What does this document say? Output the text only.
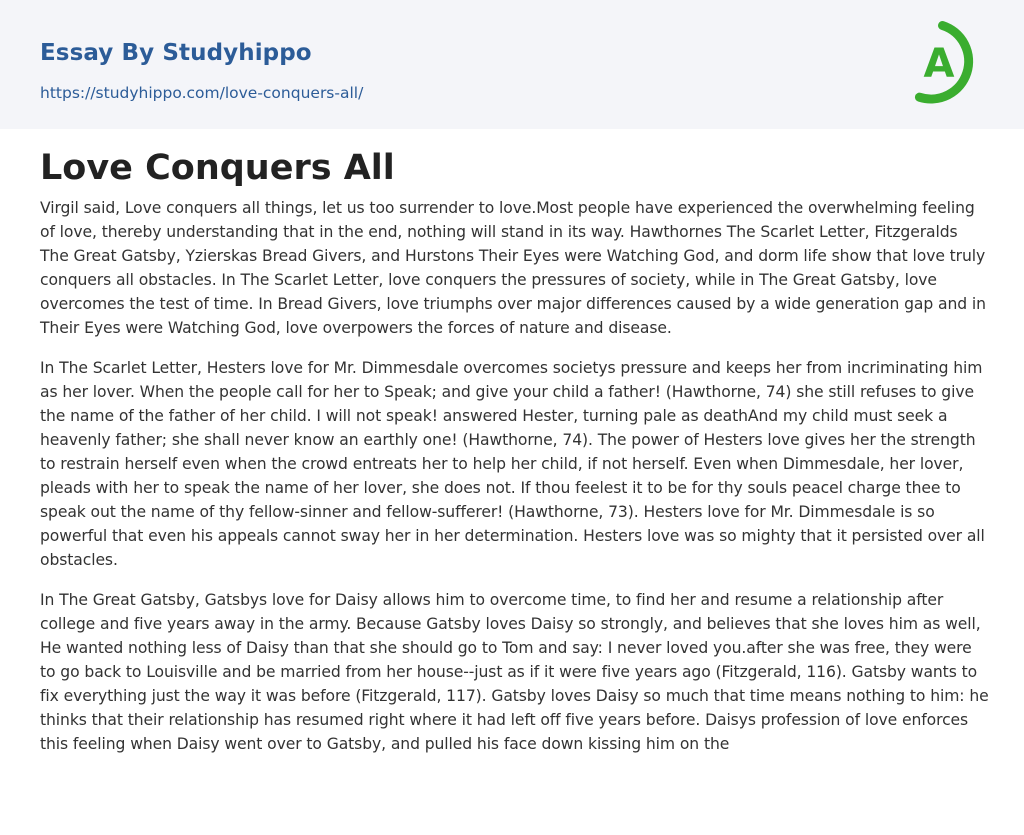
Essay By Studyhippo
https://studyhippo.com/love-conquers-all/
A
Love Conquers All

Virgil said, Love conquers all things, let us too surrender to love.Most people have experienced the overwhelming feeling of love, thereby understanding that in the end, nothing will stand in its way. Hawthornes The Scarlet Letter, Fitzgeralds The Great Gatsby, Yzierskas Bread Givers, and Hurstons Their Eyes were Watching God, and dorm life show that love truly conquers all obstacles. In The Scarlet Letter, love conquers the pressures of society, while in The Great Gatsby, love overcomes the test of time. In Bread Givers, love triumphs over major differences caused by a wide generation gap and in Their Eyes were Watching God, love overpowers the forces of nature and disease.

In The Scarlet Letter, Hesters love for Mr. Dimmesdale overcomes societys pressure and keeps her from incriminating him as her lover. When the people call for her to Speak; and give your child a father! (Hawthorne, 74) she still refuses to give the name of the father of her child. I will not speak! answered Hester, turning pale as deathAnd my child must seek a heavenly father; she shall never know an earthly one! (Hawthorne, 74). The power of Hesters love gives her the strength to restrain herself even when the crowd entreats her to help her child, if not herself. Even when Dimmesdale, her lover, pleads with her to speak the name of her lover, she does not. If thou feelest it to be for thy souls peacel charge thee to speak out the name of thy fellow-sinner and fellow-sufferer! (Hawthorne, 73). Hesters love for Mr. Dimmesdale is so powerful that even his appeals cannot sway her in her determination. Hesters love was so mighty that it persisted over all obstacles.

In The Great Gatsby, Gatsbys love for Daisy allows him to overcome time, to find her and resume a relationship after college and five years away in the army. Because Gatsby loves Daisy so strongly, and believes that she loves him as well, He wanted nothing less of Daisy than that she should go to Tom and say: I never loved you.after she was free, they were to go back to Louisville and be married from her house--just as if it were five years ago (Fitzgerald, 116). Gatsby wants to fix everything just the way it was before (Fitzgerald, 117). Gatsby loves Daisy so much that time means nothing to him: he thinks that their relationship has resumed right where it had left off five years before. Daisys profession of love enforces this feeling when Daisy went over to Gatsby, and pulled his face down kissing him on the
